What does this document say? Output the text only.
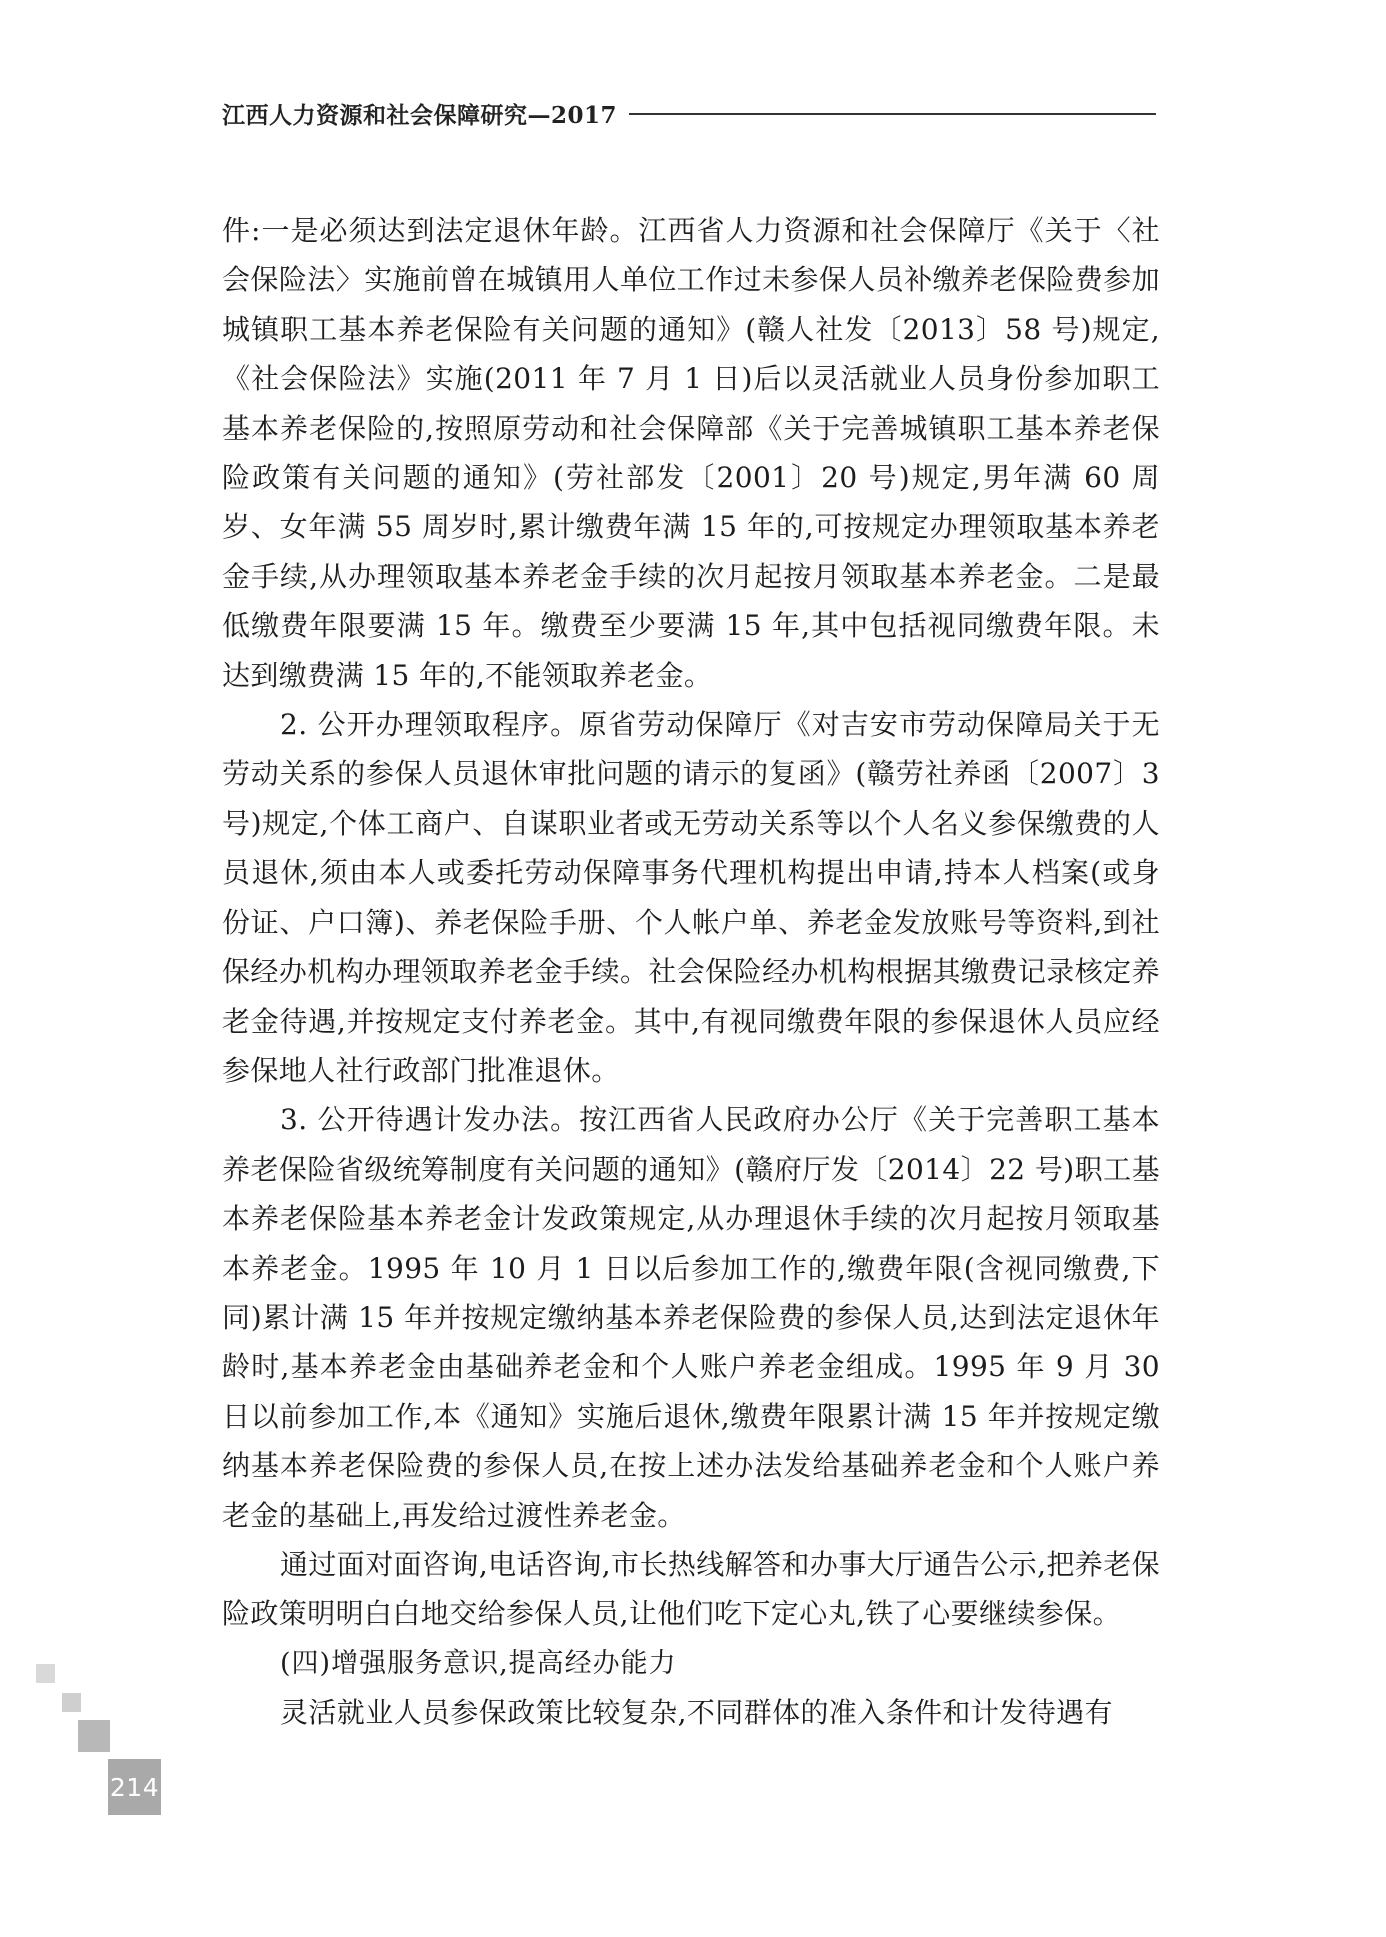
江西人力资源和社会保障研究—2017

件:一是必须达到法定退休年龄。江西省人力资源和社会保障厅《关于〈社会保险法〉实施前曾在城镇用人单位工作过未参保人员补缴养老保险费参加城镇职工基本养老保险有关问题的通知》(赣人社发〔2013〕58 号)规定,《社会保险法》实施(2011 年 7 月 1 日)后以灵活就业人员身份参加职工基本养老保险的,按照原劳动和社会保障部《关于完善城镇职工基本养老保险政策有关问题的通知》(劳社部发〔2001〕20 号)规定,男年满 60 周岁、女年满 55 周岁时,累计缴费年满 15 年的,可按规定办理领取基本养老金手续,从办理领取基本养老金手续的次月起按月领取基本养老金。二是最低缴费年限要满 15 年。缴费至少要满 15 年,其中包括视同缴费年限。未达到缴费满 15 年的,不能领取养老金。

2. 公开办理领取程序。原省劳动保障厅《对吉安市劳动保障局关于无劳动关系的参保人员退休审批问题的请示的复函》(赣劳社养函〔2007〕3 号)规定,个体工商户、自谋职业者或无劳动关系等以个人名义参保缴费的人员退休,须由本人或委托劳动保障事务代理机构提出申请,持本人档案(或身份证、户口簿)、养老保险手册、个人帐户单、养老金发放账号等资料,到社保经办机构办理领取养老金手续。社会保险经办机构根据其缴费记录核定养老金待遇,并按规定支付养老金。其中,有视同缴费年限的参保退休人员应经参保地人社行政部门批准退休。

3. 公开待遇计发办法。按江西省人民政府办公厅《关于完善职工基本养老保险省级统筹制度有关问题的通知》(赣府厅发〔2014〕22 号)职工基本养老保险基本养老金计发政策规定,从办理退休手续的次月起按月领取基本养老金。1995 年 10 月 1 日以后参加工作的,缴费年限(含视同缴费,下同)累计满 15 年并按规定缴纳基本养老保险费的参保人员,达到法定退休年龄时,基本养老金由基础养老金和个人账户养老金组成。1995 年 9 月 30 日以前参加工作,本《通知》实施后退休,缴费年限累计满 15 年并按规定缴纳基本养老保险费的参保人员,在按上述办法发给基础养老金和个人账户养老金的基础上,再发给过渡性养老金。

通过面对面咨询,电话咨询,市长热线解答和办事大厅通告公示,把养老保险政策明明白白地交给参保人员,让他们吃下定心丸,铁了心要继续参保。

(四)增强服务意识,提高经办能力

灵活就业人员参保政策比较复杂,不同群体的准入条件和计发待遇有

214
